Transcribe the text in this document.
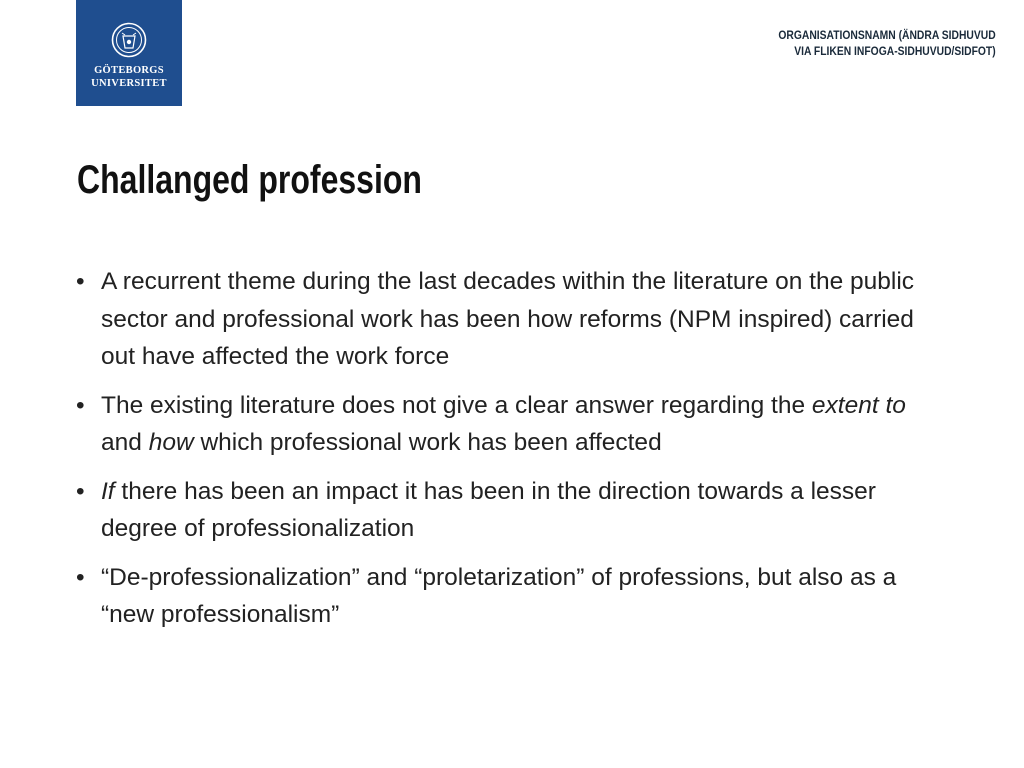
GÖTEBORGS
UNIVERSITET
ORGANISATIONSNAMN (ÄNDRA SIDHUVUD
VIA FLIKEN INFOGA-SIDHUVUD/SIDFOT)
Challanged profession
• A recurrent theme during the last decades within the literature on the public sector and professional work has been how reforms (NPM inspired) carried out have affected the work force
• The existing literature does not give a clear answer regarding the extent to and how which professional work has been affected
• If there has been an impact it has been in the direction towards a lesser degree of professionalization
• “De-professionalization” and “proletarization” of professions, but also as a “new professionalism”
